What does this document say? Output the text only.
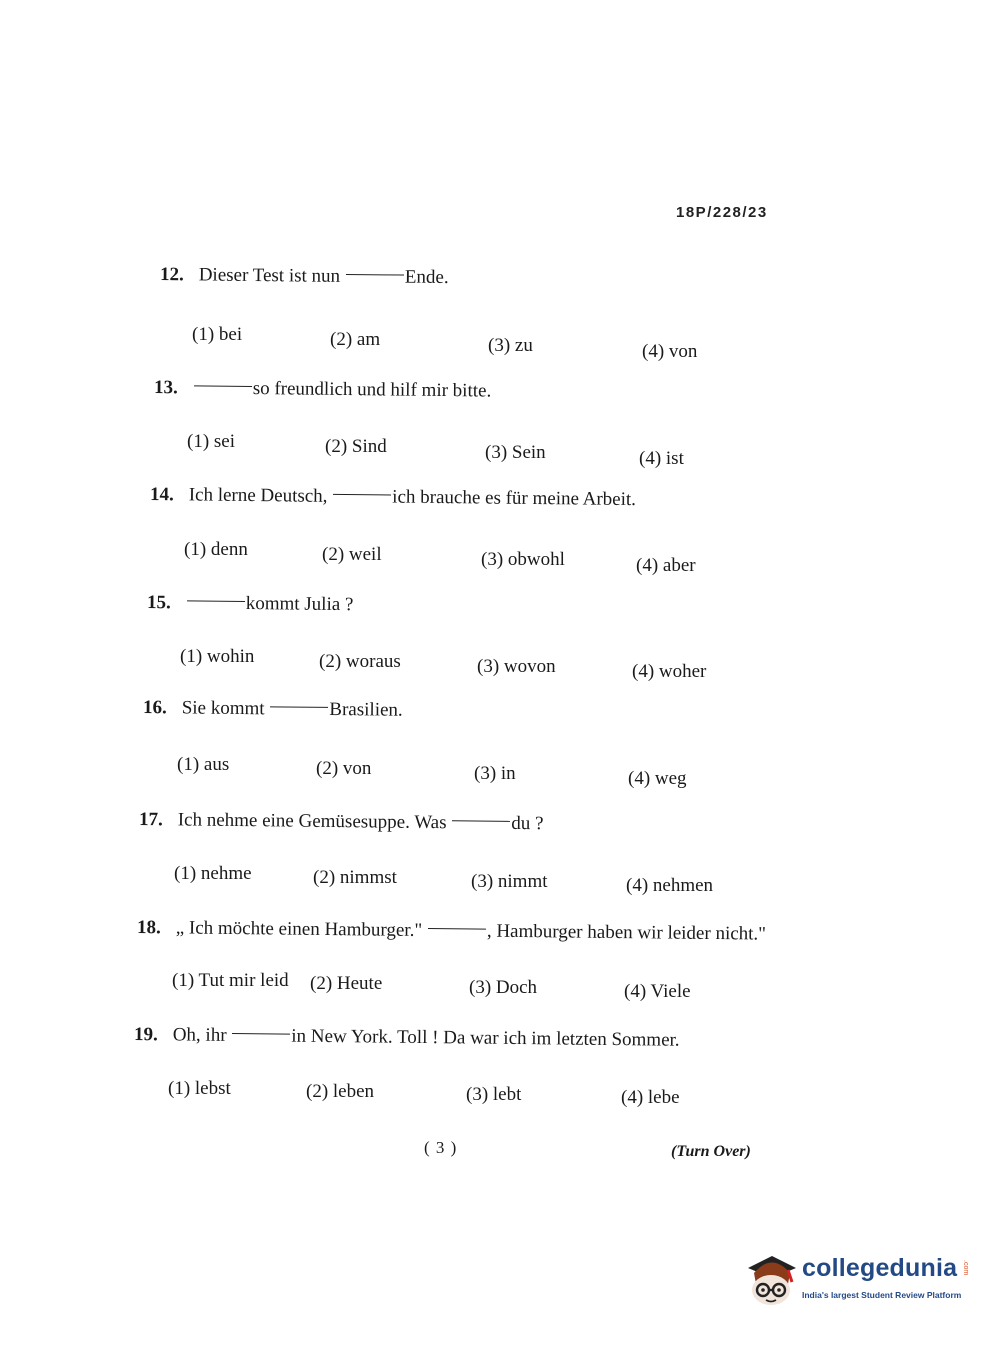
18P/228/23
12. Dieser Test ist nun	Ende.
(1) bei	(2) am	(3) zu	(4) von
13.	so freundlich und hilf mir bitte.
(1) sei	(2) Sind	(3) Sein	(4) ist
14. Ich lerne Deutsch,	ich brauche es für meine Arbeit.
(1) denn	(2) weil	(3) obwohl	(4) aber
15.	kommt Julia ?
(1) wohin	(2) woraus	(3) wovon	(4) woher
16. Sie kommt	Brasilien.
(1) aus	(2) von	(3) in	(4) weg
17. Ich nehme eine Gemüsesuppe. Was	du ?
(1) nehme	(2) nimmst	(3) nimmt	(4) nehmen
18. „ Ich möchte einen Hamburger."	, Hamburger haben wir leider nicht."
(1) Tut mir leid (2) Heute	(3) Doch	(4) Viele
19. Oh, ihr	in New York. Toll ! Da war ich im letzten Sommer.
(1) lebst	(2) leben	(3) lebt	(4) lebe
( 3 )	(Turn Over)
collegedunia .com
India's largest Student Review Platform
